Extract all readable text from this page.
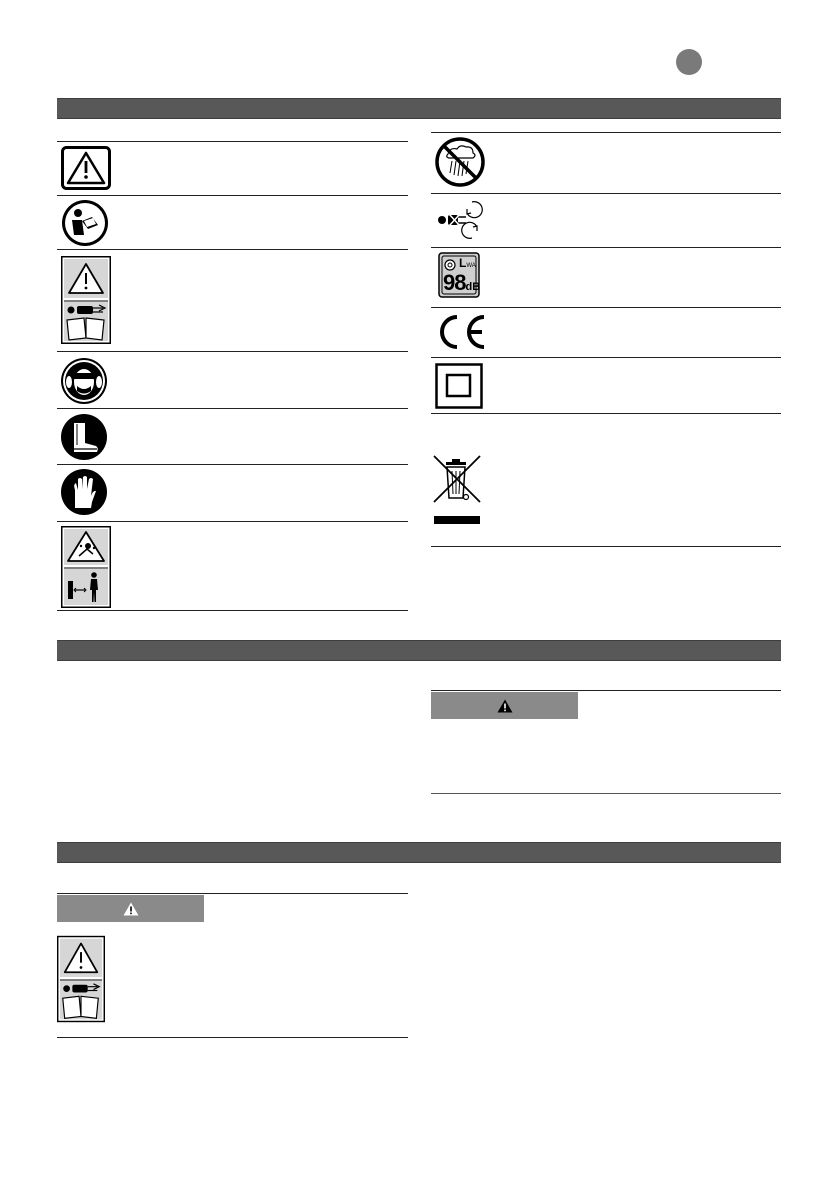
LWA
98dB
